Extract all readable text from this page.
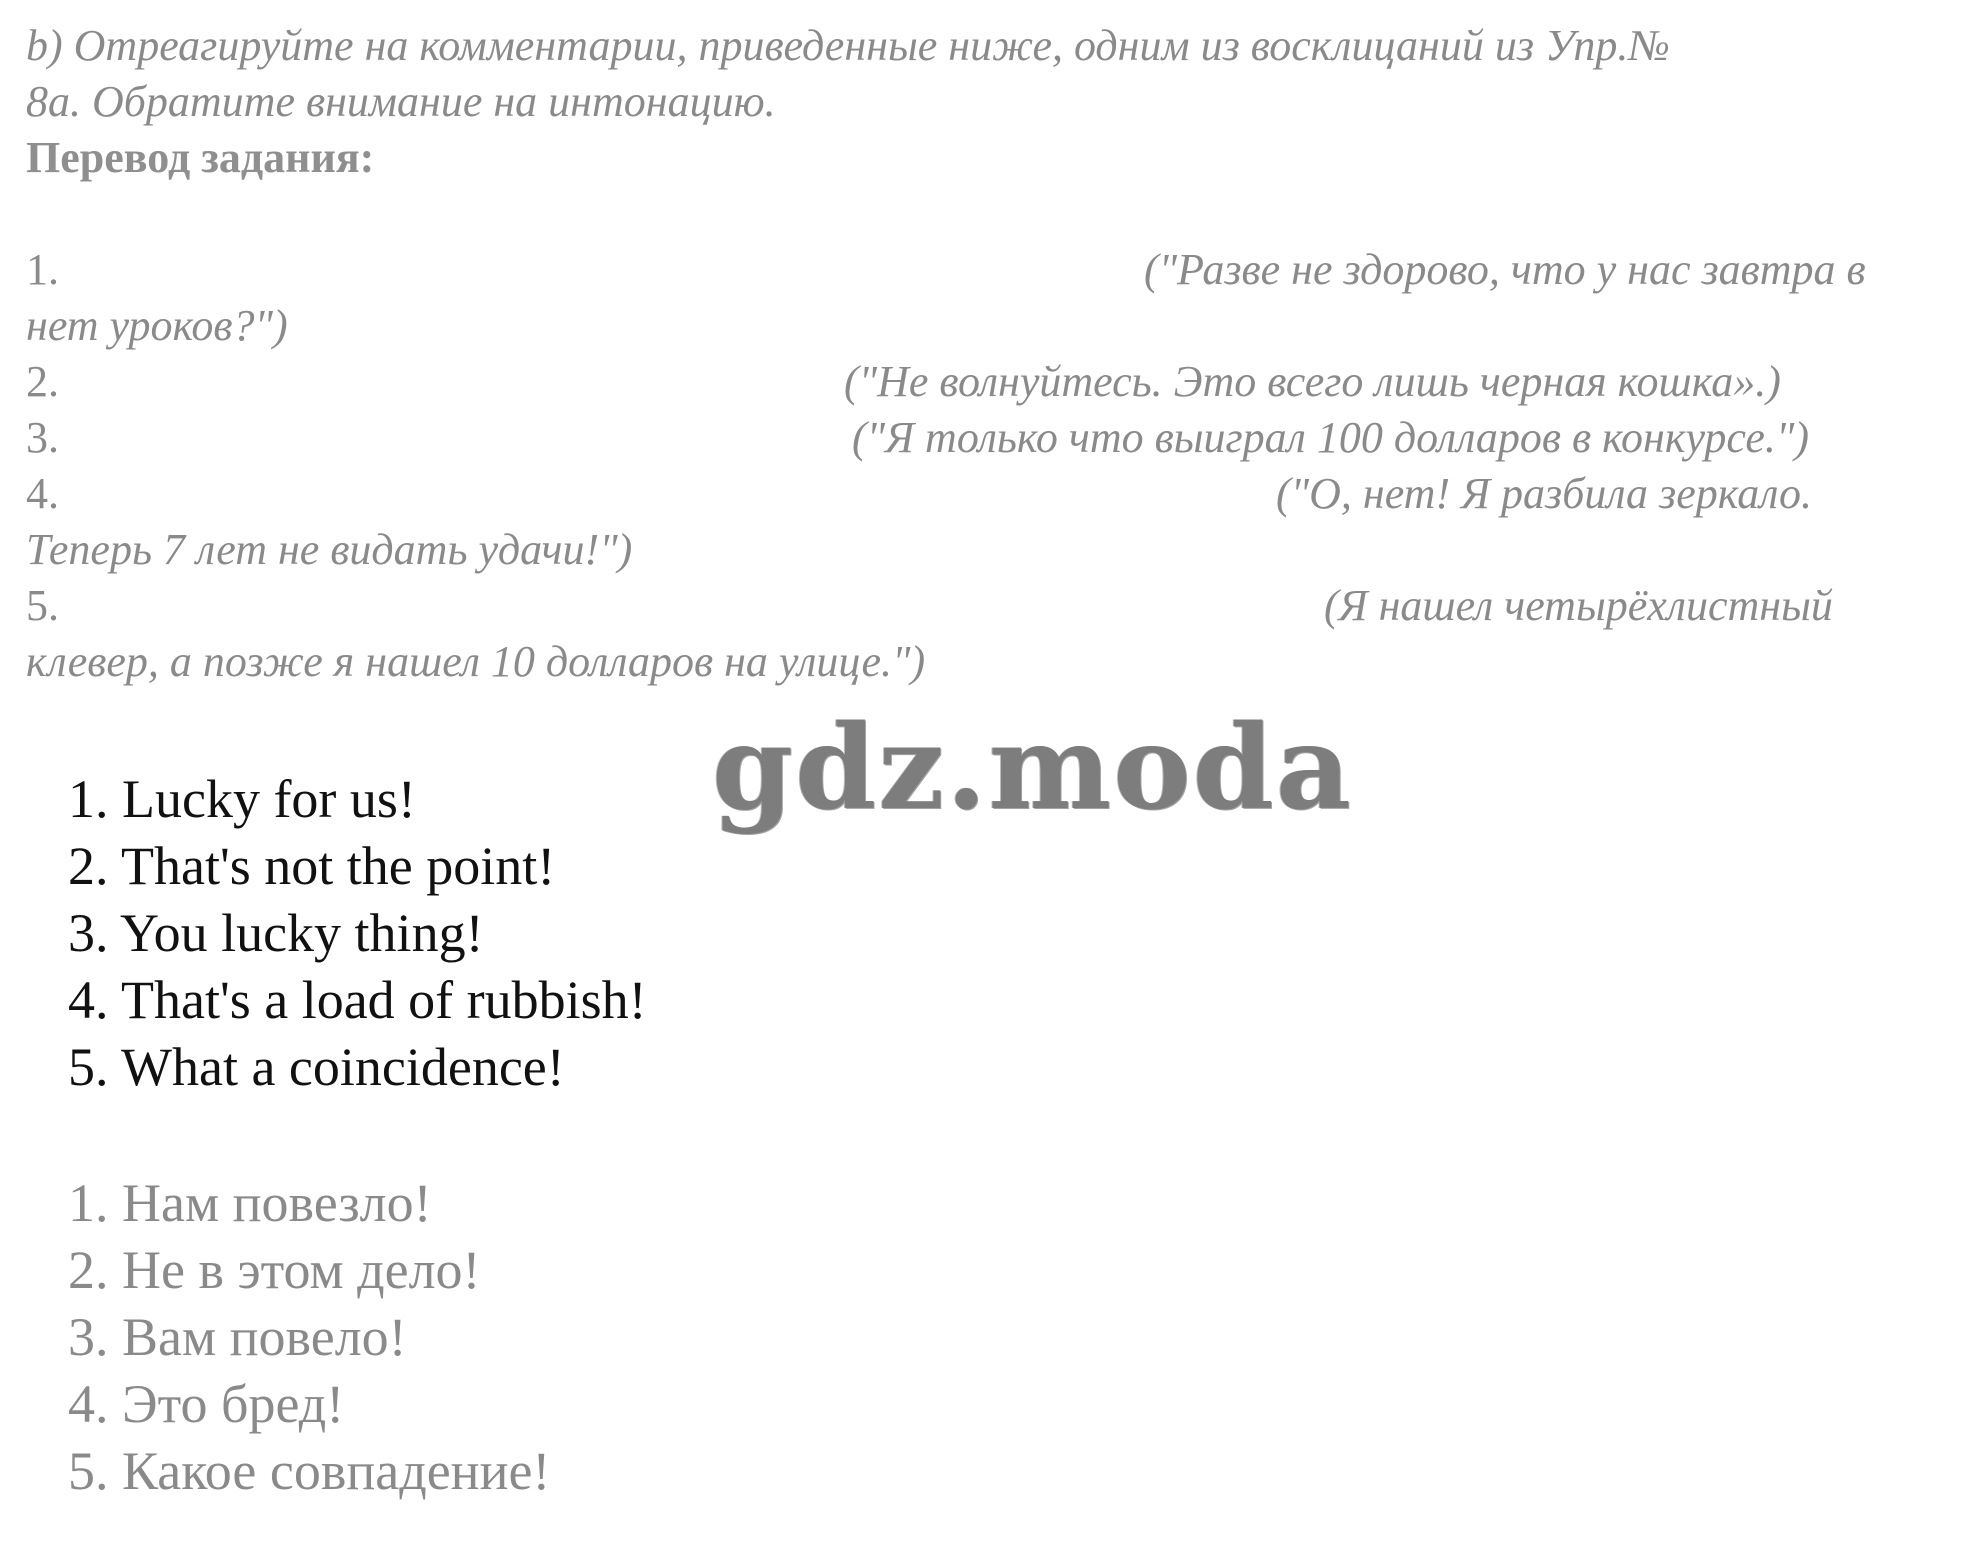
b) Отреагируйте на комментарии, приведенные ниже, одним из восклицаний из Упр.№
8a. Обратите внимание на интонацию.
Перевод задания:
1.	("Разве не здорово, что у нас завтра в
нет уроков?")
2.	("Не волнуйтесь. Это всего лишь черная кошка».)
3.	("Я только что выиграл 100 долларов в конкурсе.")
4.	("О, нет! Я разбила зеркало.
Теперь 7 лет не видать удачи!")
5.	(Я нашел четырёхлистный
клевер, а позже я нашел 10 долларов на улице.")
gdz.moda
1. Lucky for us!
2. That's not the point!
3. You lucky thing!
4. That's a load of rubbish!
5. What a coincidence!
1. Нам повезло!
2. Не в этом дело!
3. Вам повело!
4. Это бред!
5. Какое совпадение!
